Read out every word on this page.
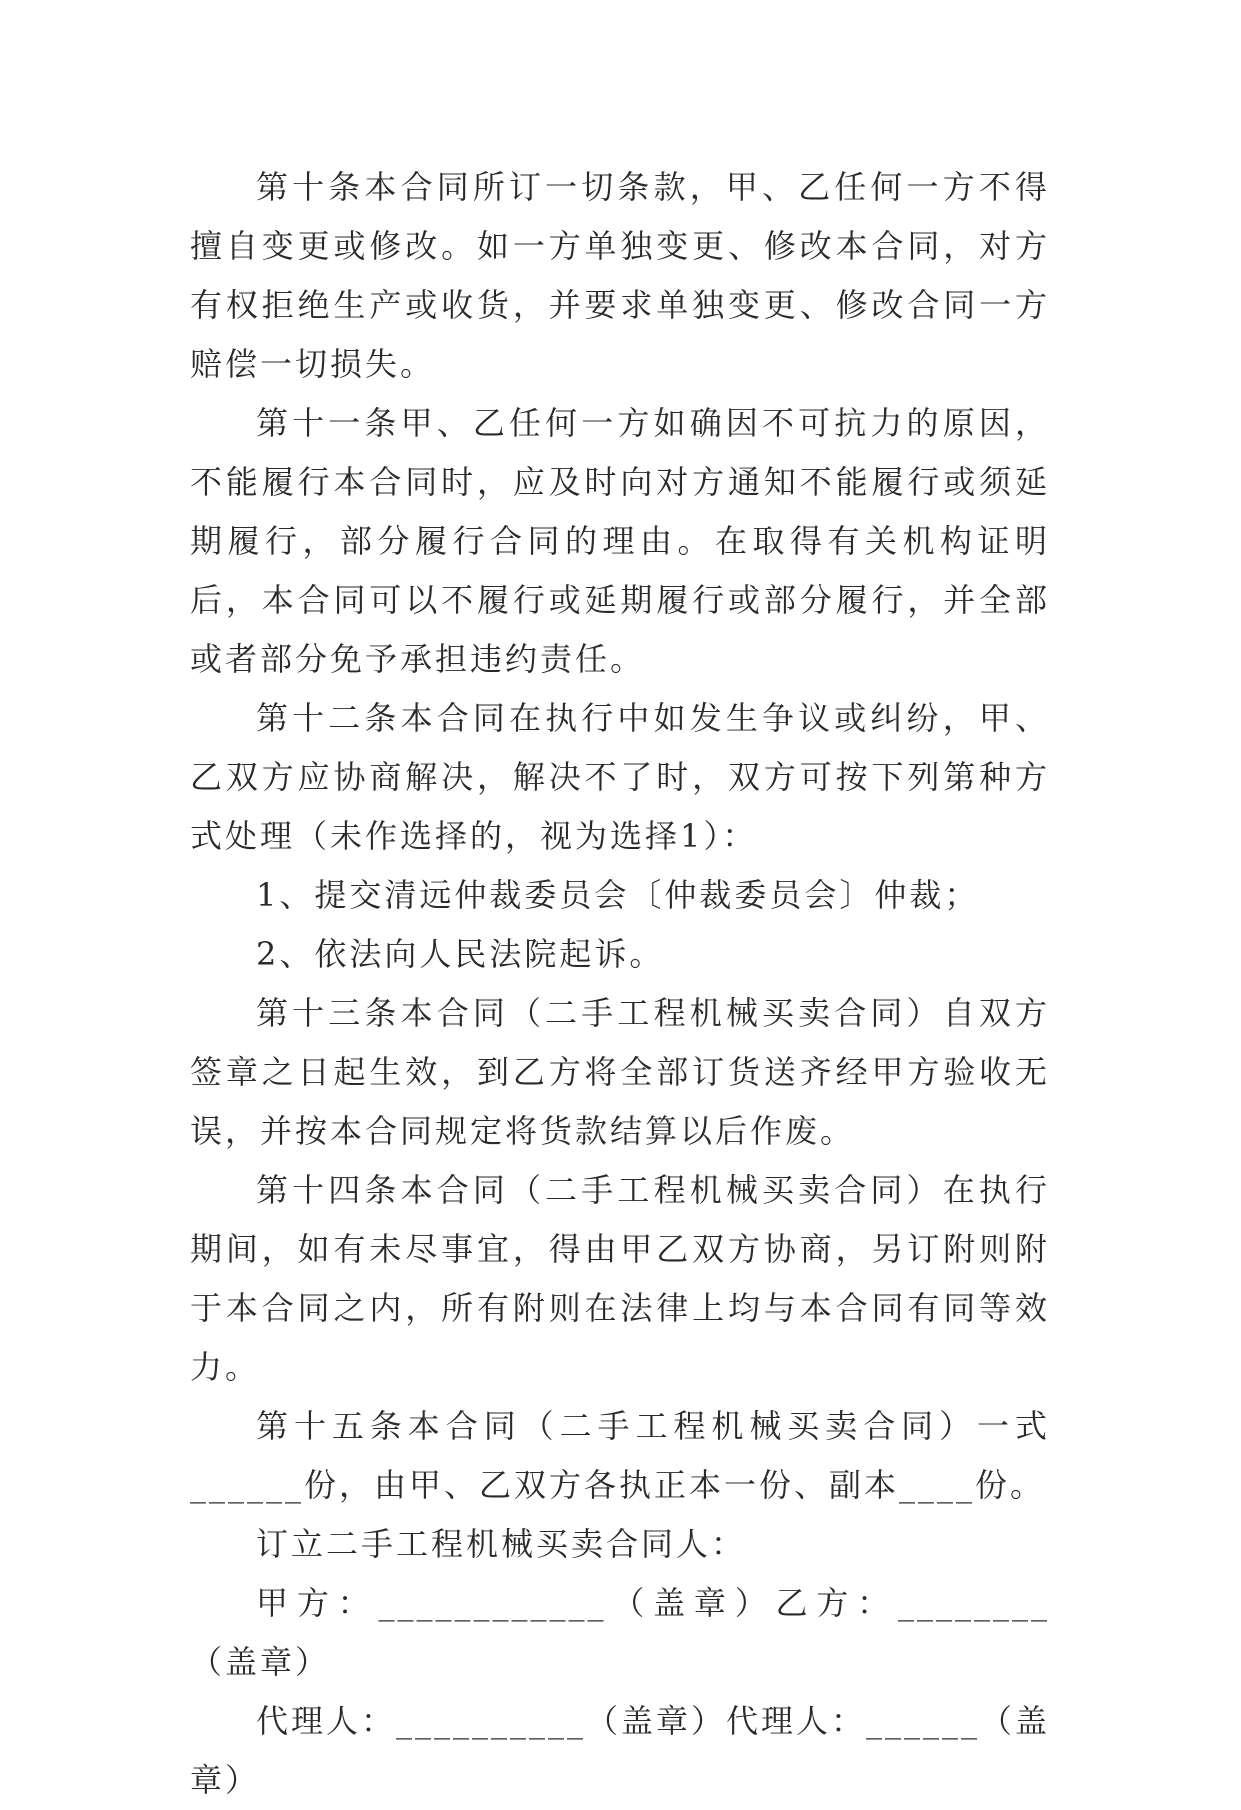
第十条本合同所订一切条款，甲、乙任何一方不得擅自变更或修改。如一方单独变更、修改本合同，对方有权拒绝生产或收货，并要求单独变更、修改合同一方赔偿一切损失。

第十一条甲、乙任何一方如确因不可抗力的原因，不能履行本合同时，应及时向对方通知不能履行或须延期履行，部分履行合同的理由。在取得有关机构证明后，本合同可以不履行或延期履行或部分履行，并全部或者部分免予承担违约责任。

第十二条本合同在执行中如发生争议或纠纷，甲、乙双方应协商解决，解决不了时，双方可按下列第种方式处理（未作选择的，视为选择1）：

1、提交清远仲裁委员会〔仲裁委员会〕仲裁；

2、依法向人民法院起诉。

第十三条本合同（二手工程机械买卖合同）自双方签章之日起生效，到乙方将全部订货送齐经甲方验收无误，并按本合同规定将货款结算以后作废。

第十四条本合同（二手工程机械买卖合同）在执行期间，如有未尽事宜，得由甲乙双方协商，另订附则附于本合同之内，所有附则在法律上均与本合同有同等效力。

第十五条本合同（二手工程机械买卖合同）一式______份，由甲、乙双方各执正本一份、副本____份。

订立二手工程机械买卖合同人：

甲方：____________（盖章）乙方：________（盖章）

代理人：__________（盖章）代理人：______（盖章）
